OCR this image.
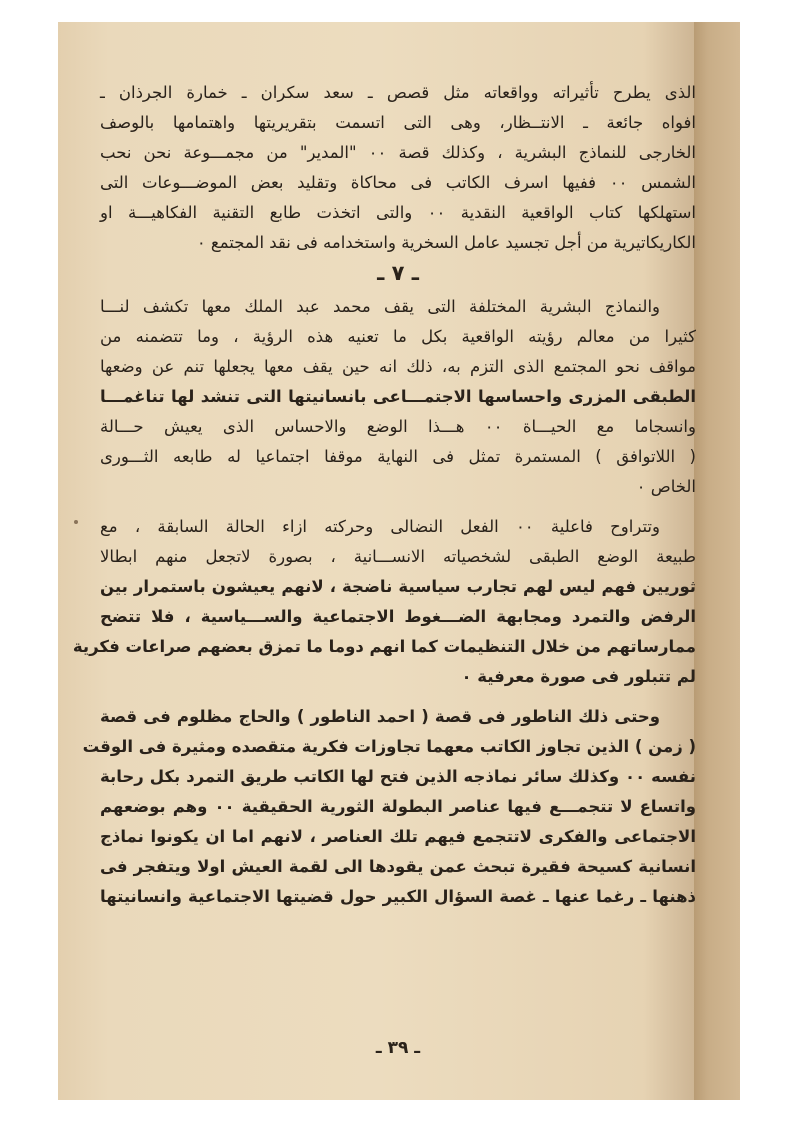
الذى يطرح تأثيراته وواقعاته مثل قصص ـ سعد سكران ـ خمارة الجرذان ـ
افواه جائعة ـ الانتــظار، وهى التى اتسمت بتقريريتها واهتمامها بالوصف
الخارجى للنماذج البشرية ، وكذلك قصة ٠٠ "المدير" من مجمـــوعة نحن نحب
الشمس ٠٠ ففيها اسرف الكاتب فى محاكاة وتقليد بعض الموضـــوعات التى
استهلكها كتاب الواقعية النقدية ٠٠ والتى اتخذت طابع التقنية الفكاهيـــة او
الكاريكاتيرية من أجل تجسيد عامل السخرية واستخدامه فى نقد المجتمع ٠
ـ ٧ ـ
والنماذج البشرية المختلفة التى يقف محمد عبد الملك معها تكشف لنـــا
كثيرا من معالم رؤيته الواقعية بكل ما تعنيه هذه الرؤية ، وما تتضمنه من
مواقف نحو المجتمع الذى التزم به، ذلك انه حين يقف معها يجعلها تنم عن وضعها
الطبقى المزرى واحساسها الاجتمـــاعى بانسانيتها التى تنشد لها تناغمـــا
وانسجاما مع الحيـــاة ٠٠ هـــذا الوضع والاحساس الذى يعيش حـــالة
( اللاتوافق ) المستمرة تمثل فى النهاية موقفا اجتماعيا له طابعه الثـــورى
الخاص ٠
وتتراوح فاعلية ٠٠ الفعل النضالى وحركته ازاء الحالة السابقة ، مع
طبيعة الوضع الطبقى لشخصياته الانســـانية ، بصورة لاتجعل منهم ابطالا
ثوريين فهم ليس لهم تجارب سياسية ناضجة ، لانهم يعيشون باستمرار بين
الرفض والتمرد ومجابهة الضـــغوط الاجتماعية والســـياسية ، فلا تتضح
ممارساتهم من خلال التنظيمات كما انهم دوما ما تمزق بعضهم صراعات فكرية
لم تتبلور فى صورة معرفية ٠
وحتى ذلك الناطور فى قصة ( احمد الناطور ) والحاج مظلوم فى قصة
( زمن ) الذين تجاوز الكاتب معهما تجاوزات فكرية متقصده ومثيرة فى الوقت
نفسه ٠٠ وكذلك سائر نماذجه الذين فتح لها الكاتب طريق التمرد بكل رحابة
واتساع لا تتجمـــع فيها عناصر البطولة الثورية الحقيقية ٠٠ وهم بوضعهم
الاجتماعى والفكرى لاتتجمع فيهم تلك العناصر ، لانهم اما ان يكونوا نماذج
انسانية كسيحة فقيرة تبحث عمن يقودها الى لقمة العيش اولا ويتفجر فى
ذهنها ـ رغما عنها ـ غصة السؤال الكبير حول قضيتها الاجتماعية وانسانيتها
ـ ٣٩ ـ
